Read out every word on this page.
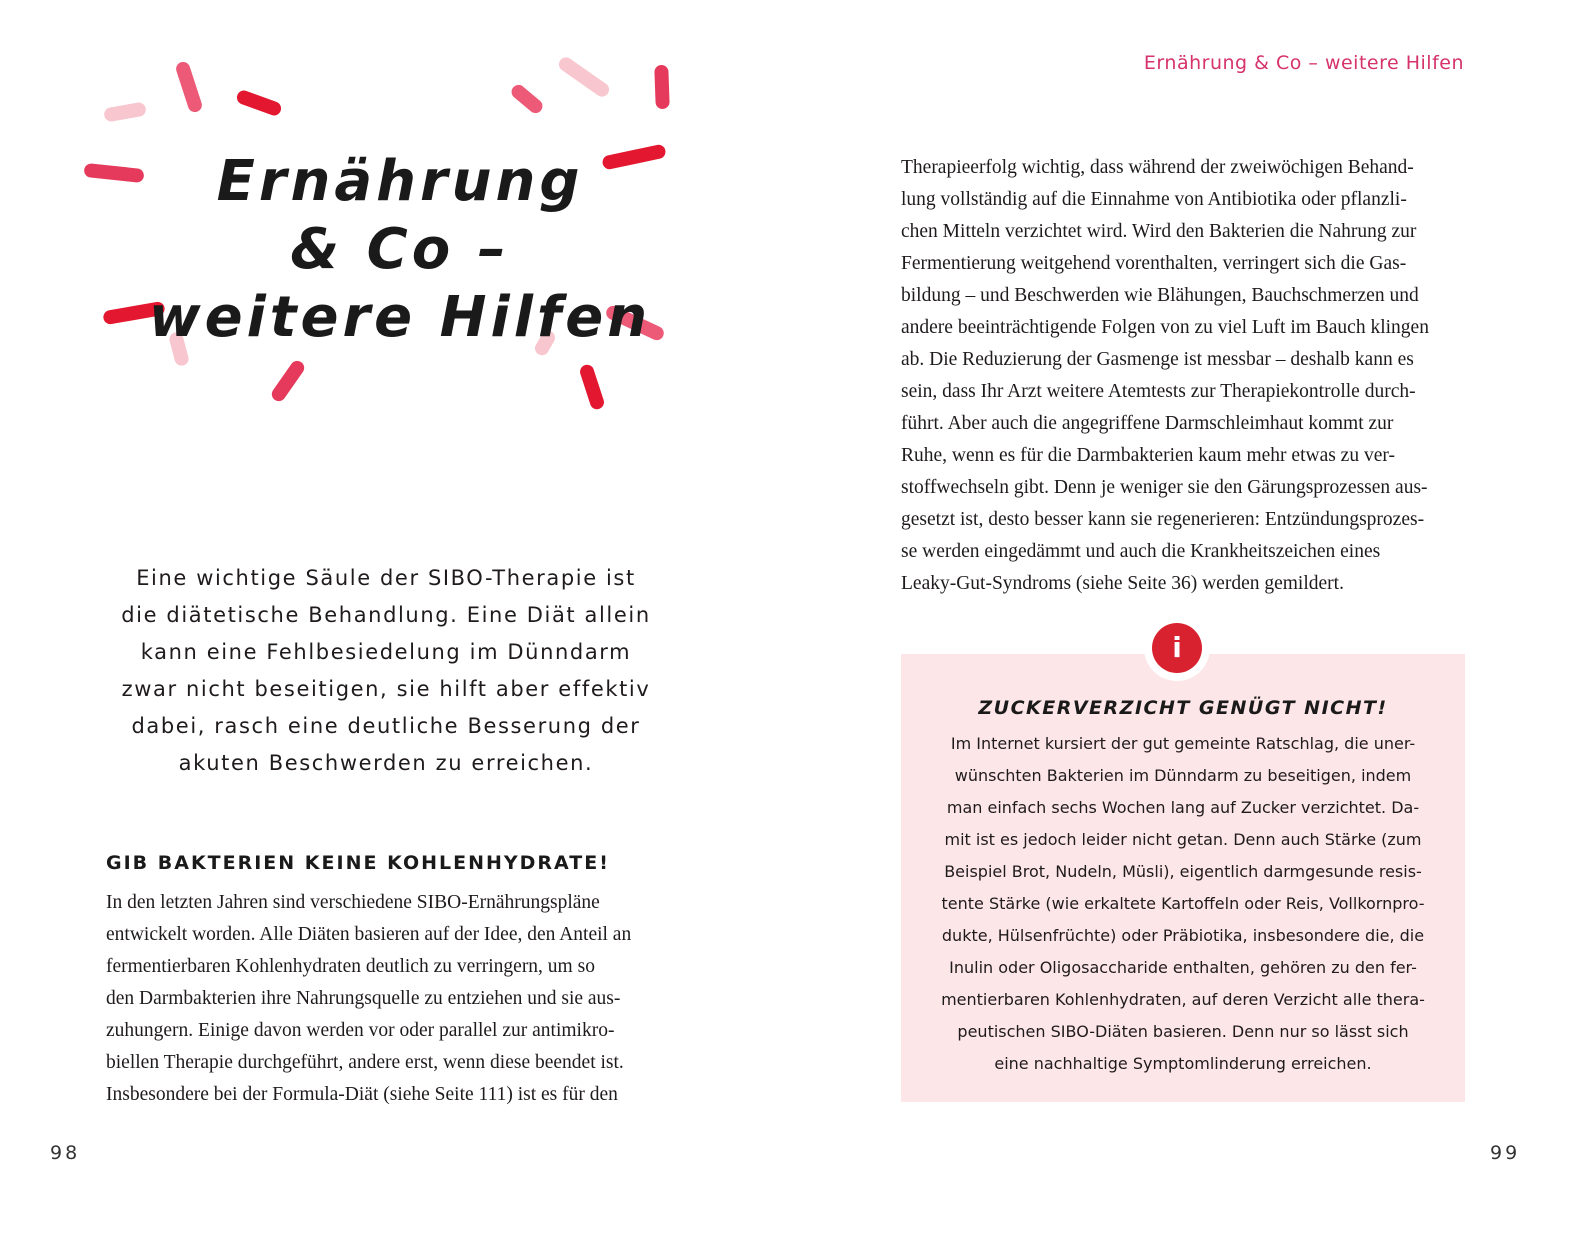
Ernährung
& Co –
weitere Hilfen

Eine wichtige Säule der SIBO-Therapie ist
die diätetische Behandlung. Eine Diät allein
kann eine Fehlbesiedelung im Dünndarm
zwar nicht beseitigen, sie hilft aber effektiv
dabei, rasch eine deutliche Besserung der
akuten Beschwerden zu erreichen.

GIB BAKTERIEN KEINE KOHLENHYDRATE!

In den letzten Jahren sind verschiedene SIBO-Ernährungspläne
entwickelt worden. Alle Diäten basieren auf der Idee, den Anteil an
fermentierbaren Kohlenhydraten deutlich zu verringern, um so
den Darmbakterien ihre Nahrungsquelle zu entziehen und sie aus-
zuhungern. Einige davon werden vor oder parallel zur antimikro-
biellen Therapie durchgeführt, andere erst, wenn diese beendet ist.
Insbesondere bei der Formula-Diät (siehe Seite 111) ist es für den

98
Ernährung & Co – weitere Hilfen

Therapieerfolg wichtig, dass während der zweiwöchigen Behand-
lung vollständig auf die Einnahme von Antibiotika oder pflanzli-
chen Mitteln verzichtet wird. Wird den Bakterien die Nahrung zur
Fermentierung weitgehend vorenthalten, verringert sich die Gas-
bildung – und Beschwerden wie Blähungen, Bauchschmerzen und
andere beeinträchtigende Folgen von zu viel Luft im Bauch klingen
ab. Die Reduzierung der Gasmenge ist messbar – deshalb kann es
sein, dass Ihr Arzt weitere Atemtests zur Therapiekontrolle durch-
führt. Aber auch die angegriffene Darmschleimhaut kommt zur
Ruhe, wenn es für die Darmbakterien kaum mehr etwas zu ver-
stoffwechseln gibt. Denn je weniger sie den Gärungsprozessen aus-
gesetzt ist, desto besser kann sie regenerieren: Entzündungsprozes-
se werden eingedämmt und auch die Krankheitszeichen eines
Leaky-Gut-Syndroms (siehe Seite 36) werden gemildert.

i
ZUCKERVERZICHT GENÜGT NICHT!

Im Internet kursiert der gut gemeinte Ratschlag, die uner-
wünschten Bakterien im Dünndarm zu beseitigen, indem
man einfach sechs Wochen lang auf Zucker verzichtet. Da-
mit ist es jedoch leider nicht getan. Denn auch Stärke (zum
Beispiel Brot, Nudeln, Müsli), eigentlich darmgesunde resis-
tente Stärke (wie erkaltete Kartoffeln oder Reis, Vollkornpro-
dukte, Hülsenfrüchte) oder Präbiotika, insbesondere die, die
Inulin oder Oligosaccharide enthalten, gehören zu den fer-
mentierbaren Kohlenhydraten, auf deren Verzicht alle thera-
peutischen SIBO-Diäten basieren. Denn nur so lässt sich
eine nachhaltige Symptomlinderung erreichen.

99
